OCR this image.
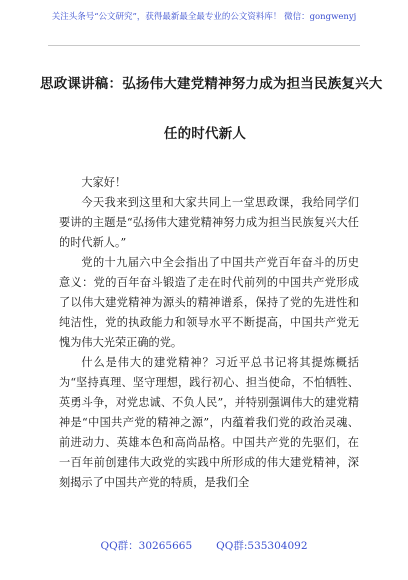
关注头条号“公文研究”，获得最新最全最专业的公文资料库！ 微信：gongwenyj
思政课讲稿：弘扬伟大建党精神努力成为担当民族复兴大
任的时代新人

大家好！

今天我来到这里和大家共同上一堂思政课，我给同学们要讲的主题是“弘扬伟大建党精神努力成为担当民族复兴大任的时代新人。”

党的十九届六中全会指出了中国共产党百年奋斗的历史意义：党的百年奋斗锻造了走在时代前列的中国共产党形成了以伟大建党精神为源头的精神谱系，保持了党的先进性和纯洁性，党的执政能力和领导水平不断提高，中国共产党无愧为伟大光荣正确的党。

什么是伟大的建党精神？习近平总书记将其提炼概括为“坚持真理、坚守理想，践行初心、担当使命，不怕牺牲、英勇斗争，对党忠诚、不负人民”，并特别强调伟大的建党精神是“中国共产党的精神之源”，内蕴着我们党的政治灵魂、前进动力、英雄本色和高尚品格。中国共产党的先驱们，在一百年前创建伟大政党的实践中所形成的伟大建党精神，深刻揭示了中国共产党的特质，是我们全

QQ群：30265665 QQ群:535304092
